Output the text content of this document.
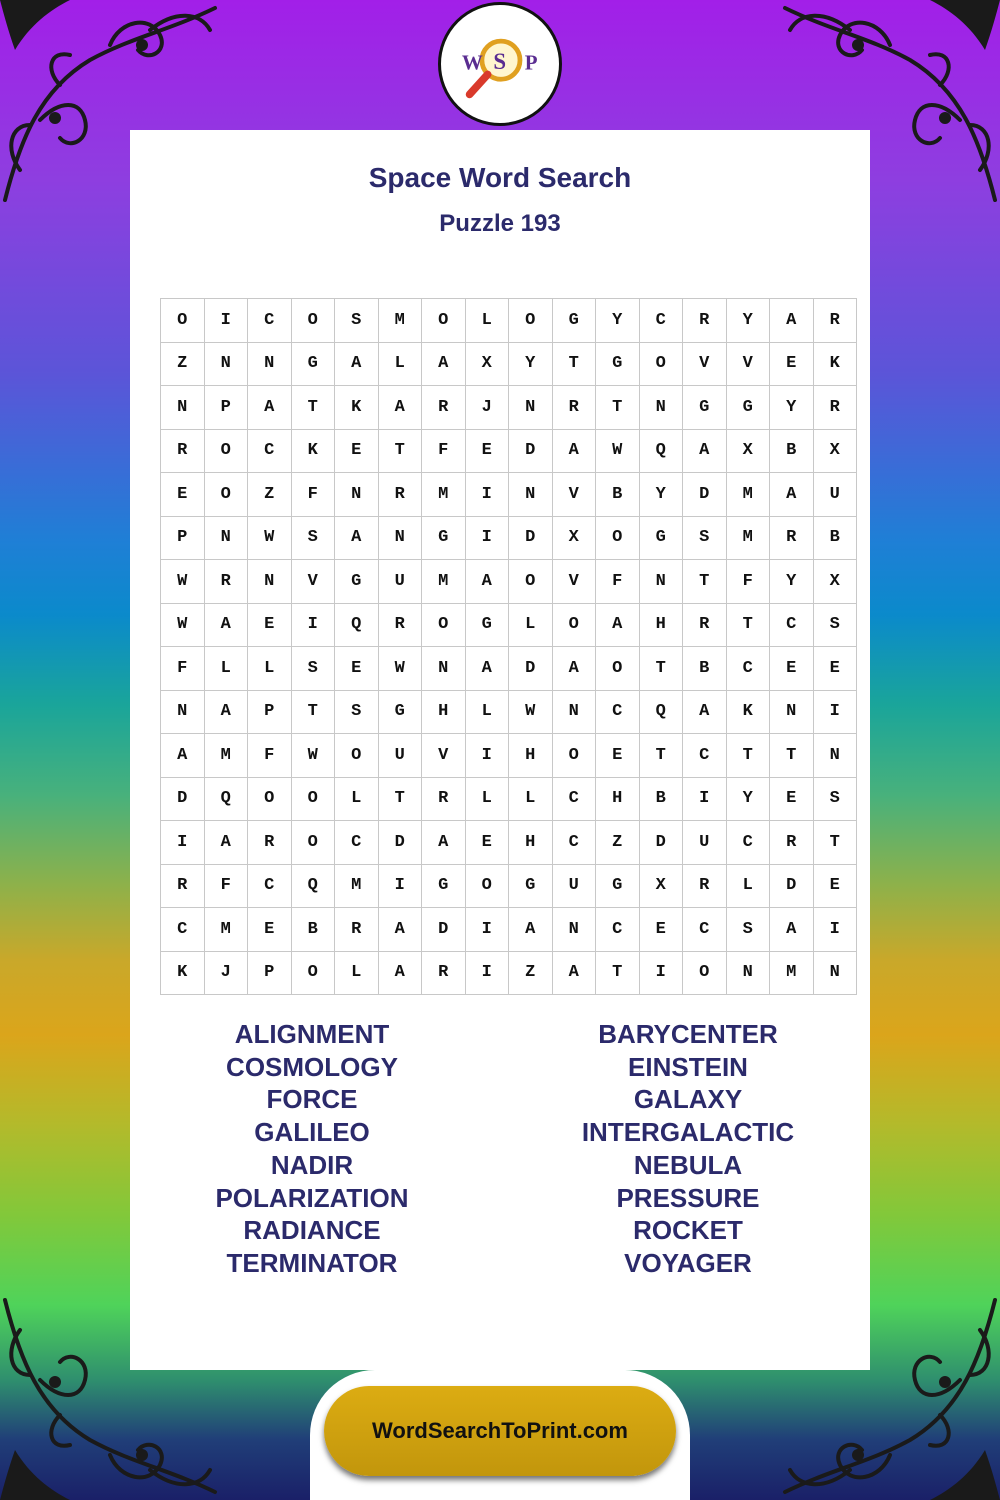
W S P
Space Word Search
Puzzle 193
O	I	C	O	S	M	O	L	O	G	Y	C	R	Y	A	R
Z	N	N	G	A	L	A	X	Y	T	G	O	V	V	E	K
N	P	A	T	K	A	R	J	N	R	T	N	G	G	Y	R
R	O	C	K	E	T	F	E	D	A	W	Q	A	X	B	X
E	O	Z	F	N	R	M	I	N	V	B	Y	D	M	A	U
P	N	W	S	A	N	G	I	D	X	O	G	S	M	R	B
W	R	N	V	G	U	M	A	O	V	F	N	T	F	Y	X
W	A	E	I	Q	R	O	G	L	O	A	H	R	T	C	S
F	L	L	S	E	W	N	A	D	A	O	T	B	C	E	E
N	A	P	T	S	G	H	L	W	N	C	Q	A	K	N	I
A	M	F	W	O	U	V	I	H	O	E	T	C	T	T	N
D	Q	O	O	L	T	R	L	L	C	H	B	I	Y	E	S
I	A	R	O	C	D	A	E	H	C	Z	D	U	C	R	T
R	F	C	Q	M	I	G	O	G	U	G	X	R	L	D	E
C	M	E	B	R	A	D	I	A	N	C	E	C	S	A	I
K	J	P	O	L	A	R	I	Z	A	T	I	O	N	M	N
ALIGNMENT
COSMOLOGY
FORCE
GALILEO
NADIR
POLARIZATION
RADIANCE
TERMINATOR
BARYCENTER
EINSTEIN
GALAXY
INTERGALACTIC
NEBULA
PRESSURE
ROCKET
VOYAGER
WordSearchToPrint.com
